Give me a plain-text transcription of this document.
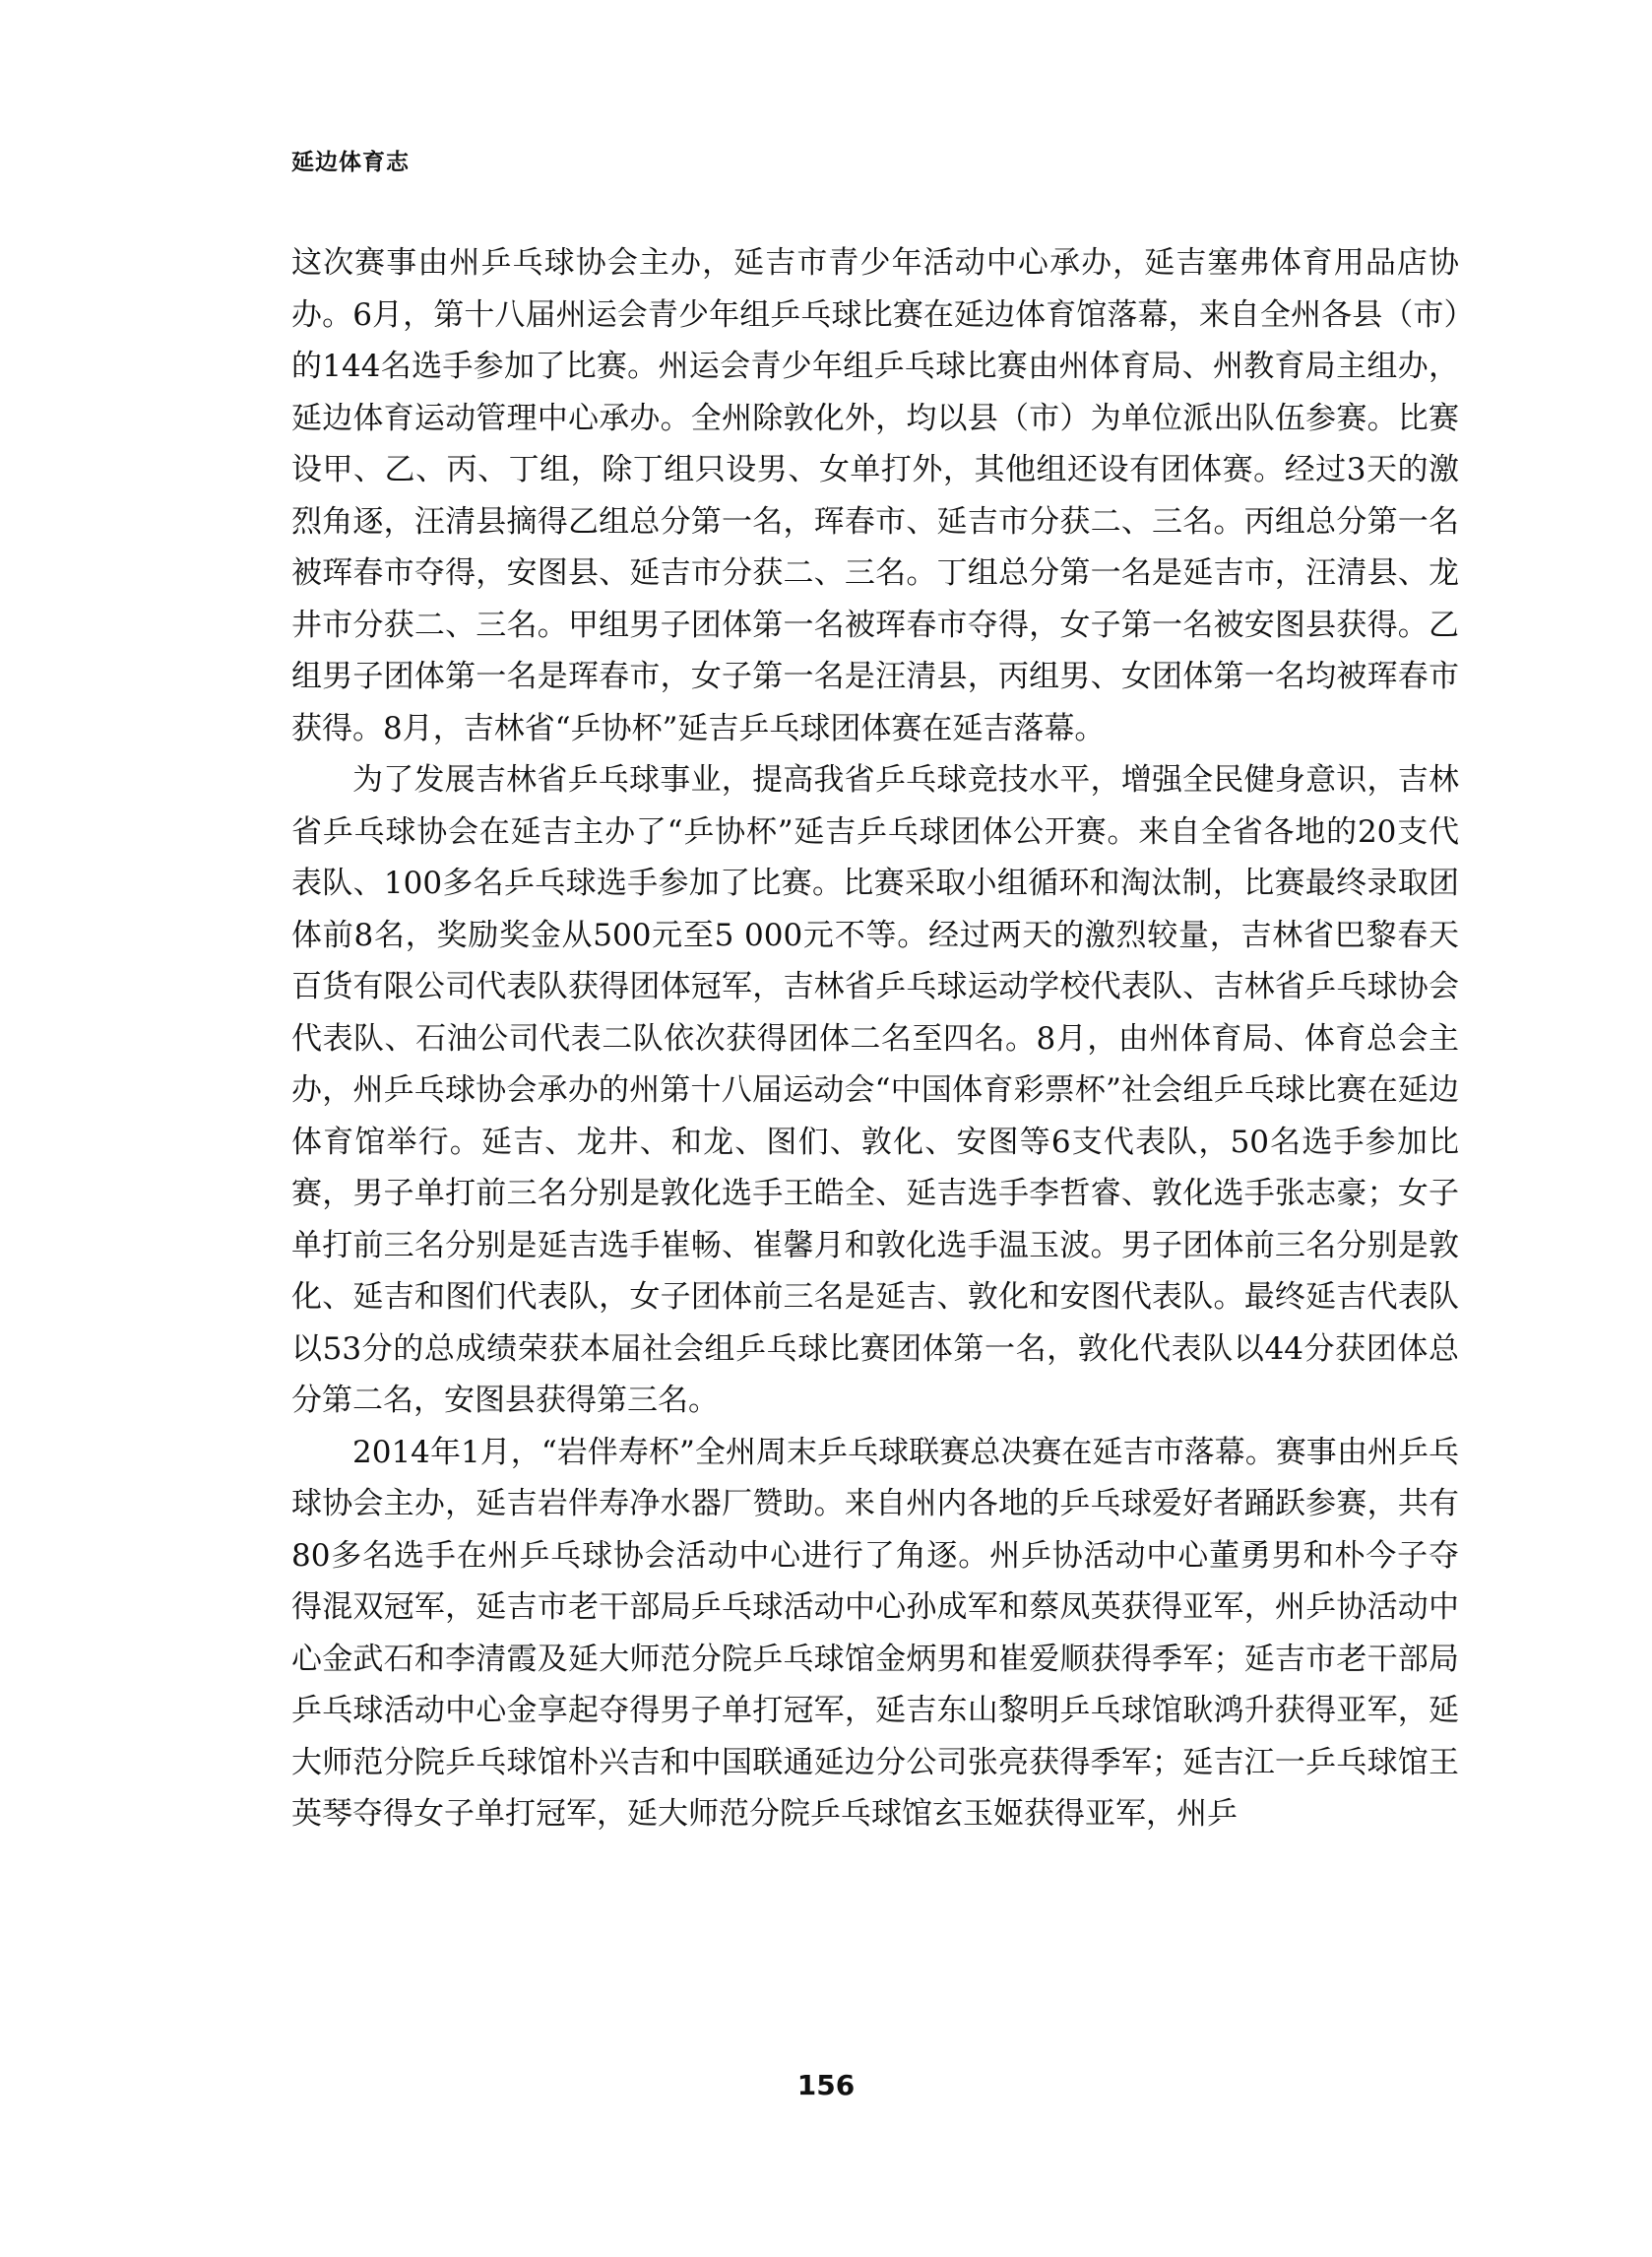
延边体育志

这次赛事由州乒乓球协会主办，延吉市青少年活动中心承办，延吉塞弗体育用品店协办。6月，第十八届州运会青少年组乒乓球比赛在延边体育馆落幕，来自全州各县（市）的144名选手参加了比赛。州运会青少年组乒乓球比赛由州体育局、州教育局主组办，延边体育运动管理中心承办。全州除敦化外，均以县（市）为单位派出队伍参赛。比赛设甲、乙、丙、丁组，除丁组只设男、女单打外，其他组还设有团体赛。经过3天的激烈角逐，汪清县摘得乙组总分第一名，珲春市、延吉市分获二、三名。丙组总分第一名被珲春市夺得，安图县、延吉市分获二、三名。丁组总分第一名是延吉市，汪清县、龙井市分获二、三名。甲组男子团体第一名被珲春市夺得，女子第一名被安图县获得。乙组男子团体第一名是珲春市，女子第一名是汪清县，丙组男、女团体第一名均被珲春市获得。8月，吉林省“乒协杯”延吉乒乓球团体赛在延吉落幕。

为了发展吉林省乒乓球事业，提高我省乒乓球竞技水平，增强全民健身意识，吉林省乒乓球协会在延吉主办了“乒协杯”延吉乒乓球团体公开赛。来自全省各地的20支代表队、100多名乒乓球选手参加了比赛。比赛采取小组循环和淘汰制，比赛最终录取团体前8名，奖励奖金从500元至5 000元不等。经过两天的激烈较量，吉林省巴黎春天百货有限公司代表队获得团体冠军，吉林省乒乓球运动学校代表队、吉林省乒乓球协会代表队、石油公司代表二队依次获得团体二名至四名。8月，由州体育局、体育总会主办，州乒乓球协会承办的州第十八届运动会“中国体育彩票杯”社会组乒乓球比赛在延边体育馆举行。延吉、龙井、和龙、图们、敦化、安图等6支代表队，50名选手参加比赛，男子单打前三名分别是敦化选手王皓全、延吉选手李哲睿、敦化选手张志豪；女子单打前三名分别是延吉选手崔畅、崔馨月和敦化选手温玉波。男子团体前三名分别是敦化、延吉和图们代表队，女子团体前三名是延吉、敦化和安图代表队。最终延吉代表队以53分的总成绩荣获本届社会组乒乓球比赛团体第一名，敦化代表队以44分获团体总分第二名，安图县获得第三名。

2014年1月，“岩伴寿杯”全州周末乒乓球联赛总决赛在延吉市落幕。赛事由州乒乓球协会主办，延吉岩伴寿净水器厂赞助。来自州内各地的乒乓球爱好者踊跃参赛，共有80多名选手在州乒乓球协会活动中心进行了角逐。州乒协活动中心董勇男和朴今子夺得混双冠军，延吉市老干部局乒乓球活动中心孙成军和蔡凤英获得亚军，州乒协活动中心金武石和李清霞及延大师范分院乒乓球馆金炳男和崔爱顺获得季军；延吉市老干部局乒乓球活动中心金享起夺得男子单打冠军，延吉东山黎明乒乓球馆耿鸿升获得亚军，延大师范分院乒乓球馆朴兴吉和中国联通延边分公司张亮获得季军；延吉江一乒乓球馆王英琴夺得女子单打冠军，延大师范分院乒乓球馆玄玉姬获得亚军，州乒

156
